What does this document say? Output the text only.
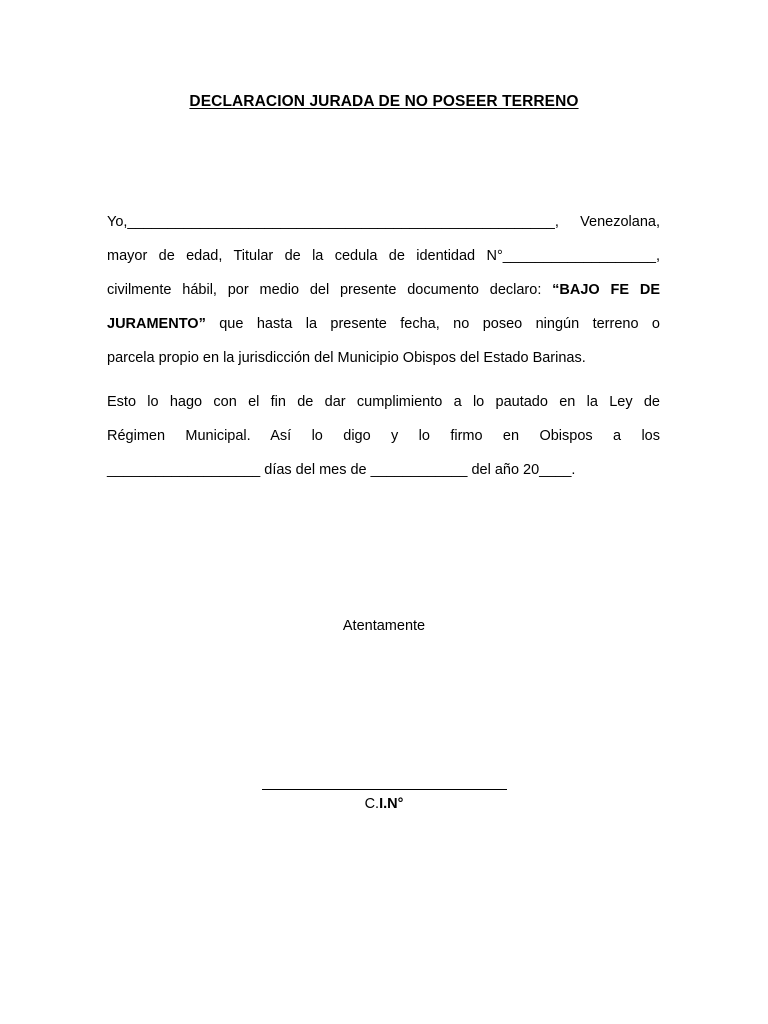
DECLARACION JURADA DE NO POSEER TERRENO
Yo,_____________________________________________________, Venezolana,
mayor de edad, Titular de la cedula de identidad N°___________________,
civilmente hábil, por medio del presente documento declaro: “BAJO FE DE
JURAMENTO” que hasta la presente fecha, no poseo ningún terreno o
parcela propio en la jurisdicción del Municipio Obispos del Estado Barinas.
Esto lo hago con el fin de dar cumplimiento a lo pautado en la Ley de
Régimen Municipal. Así lo digo y lo firmo en Obispos a los
___________________ días del mes de ____________ del año 20____.
Atentamente
C.I.N°
